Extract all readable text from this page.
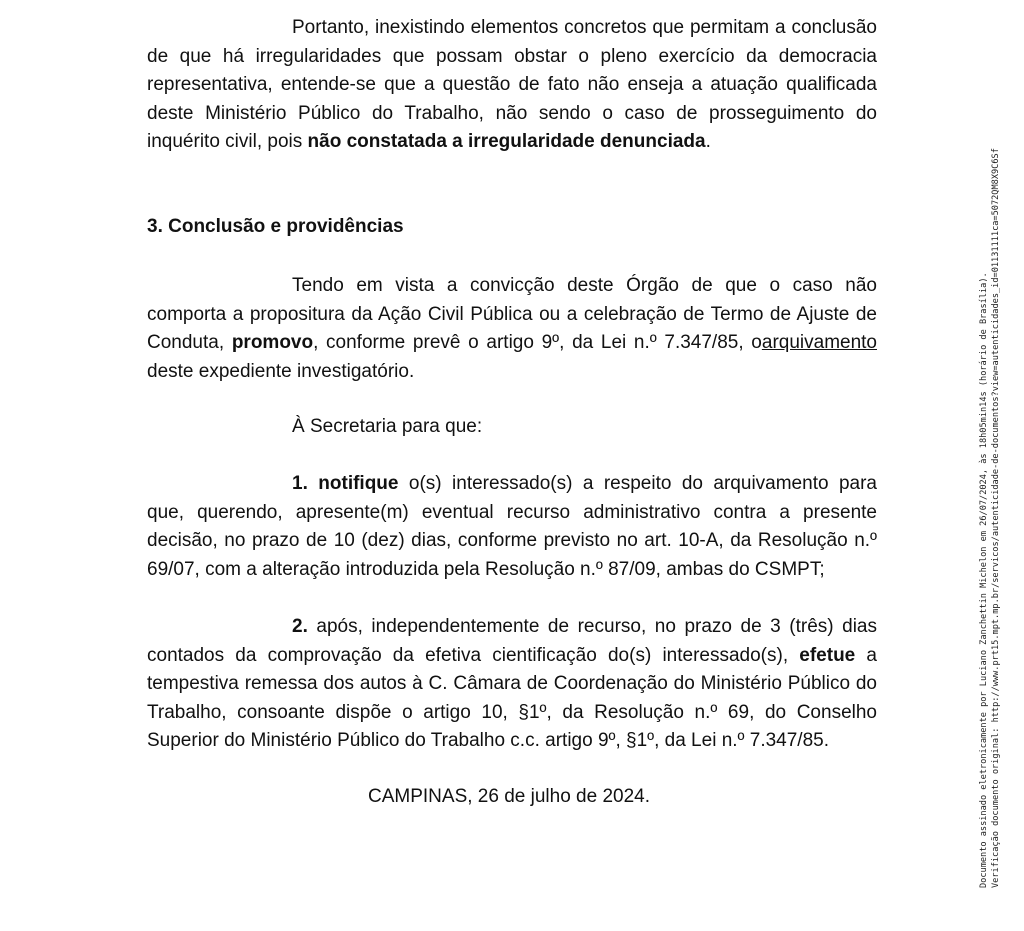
Portanto, inexistindo elementos concretos que permitam a conclusão de que há irregularidades que possam obstar o pleno exercício da democracia representativa, entende-se que a questão de fato não enseja a atuação qualificada deste Ministério Público do Trabalho, não sendo o caso de prosseguimento do inquérito civil, pois não constatada a irregularidade denunciada.

3. Conclusão e providências

Tendo em vista a convicção deste Órgão de que o caso não comporta a propositura da Ação Civil Pública ou a celebração de Termo de Ajuste de Conduta, promovo, conforme prevê o artigo 9º, da Lei n.º 7.347/85, oarquivamento deste expediente investigatório.

À Secretaria para que:

1. notifique o(s) interessado(s) a respeito do arquivamento para que, querendo, apresente(m) eventual recurso administrativo contra a presente decisão, no prazo de 10 (dez) dias, conforme previsto no art. 10-A, da Resolução n.º 69/07, com a alteração introduzida pela Resolução n.º 87/09, ambas do CSMPT;

2. após, independentemente de recurso, no prazo de 3 (três) dias contados da comprovação da efetiva cientificação do(s) interessado(s), efetue a tempestiva remessa dos autos à C. Câmara de Coordenação do Ministério Público do Trabalho, consoante dispõe o artigo 10, §1º, da Resolução n.º 69, do Conselho Superior do Ministério Público do Trabalho c.c. artigo 9º, §1º, da Lei n.º 7.347/85.

CAMPINAS, 26 de julho de 2024.	Documento assinado eletronicamente por Luciano Zanchettin Michelon em 26/07/2024, às 18h05min14s (horário de Brasília). Verificação documento original: http://www.prt15.mpt.mp.br/servicos/autenticidade-de-documentos?view=autenticidades_id=01131111ca=5072QM8X9C6Sf
